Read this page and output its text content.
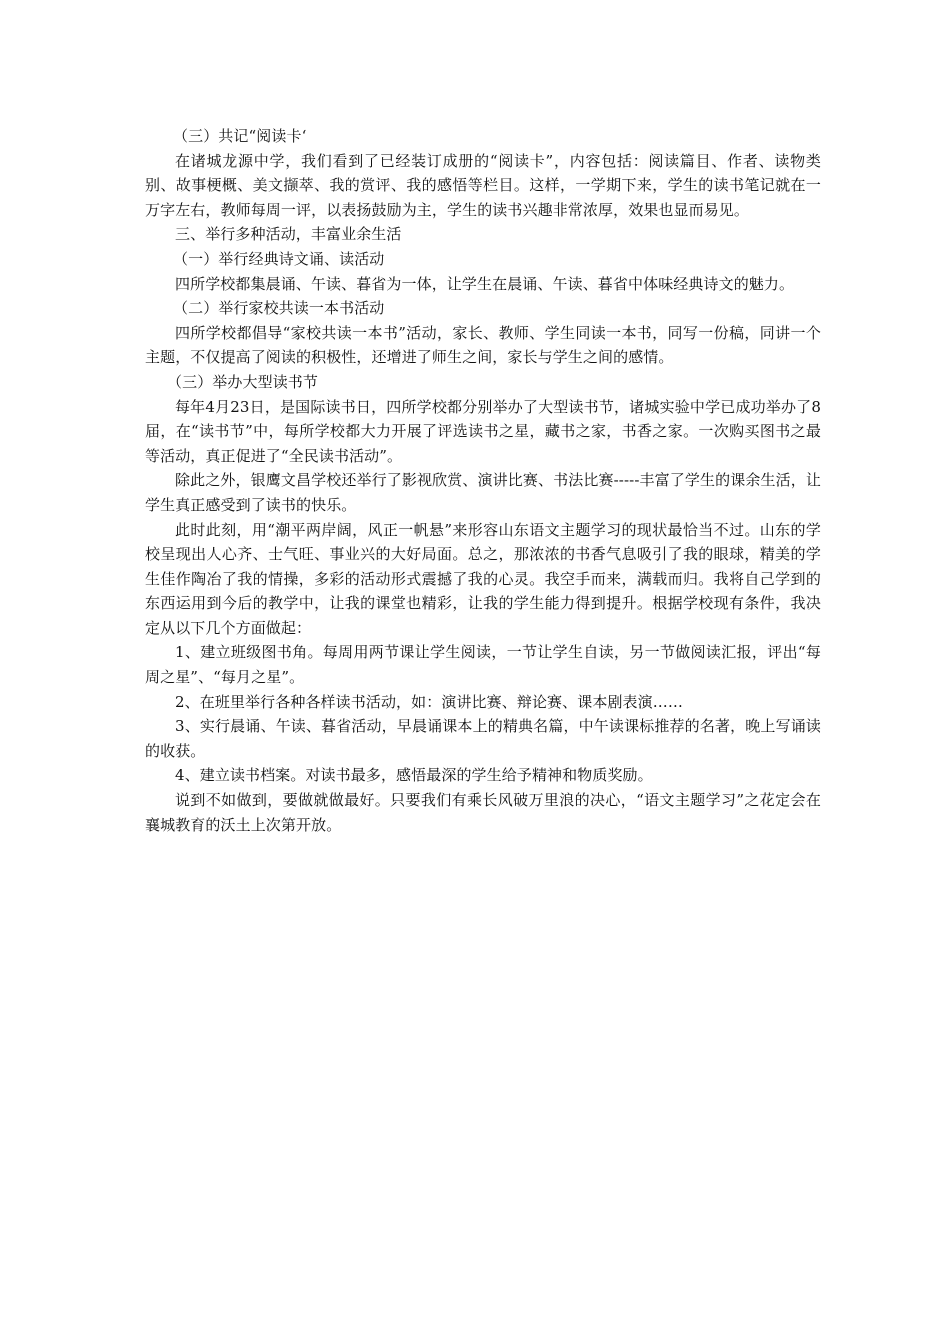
（三）共记“阅读卡‘

在诸城龙源中学，我们看到了已经装订成册的“阅读卡”，内容包括：阅读篇目、作者、读物类别、故事梗概、美文撷萃、我的赏评、我的感悟等栏目。这样，一学期下来，学生的读书笔记就在一万字左右，教师每周一评，以表扬鼓励为主，学生的读书兴趣非常浓厚，效果也显而易见。

三、举行多种活动，丰富业余生活

（一）举行经典诗文诵、读活动

四所学校都集晨诵、午读、暮省为一体，让学生在晨诵、午读、暮省中体味经典诗文的魅力。

（二）举行家校共读一本书活动

四所学校都倡导“家校共读一本书”活动，家长、教师、学生同读一本书，同写一份稿，同讲一个主题，不仅提高了阅读的积极性，还增进了师生之间，家长与学生之间的感情。

（三）举办大型读书节

每年4月23日，是国际读书日，四所学校都分别举办了大型读书节，诸城实验中学已成功举办了8届，在“读书节”中，每所学校都大力开展了评选读书之星，藏书之家，书香之家。一次购买图书之最等活动，真正促进了“全民读书活动”。

除此之外，银鹰文昌学校还举行了影视欣赏、演讲比赛、书法比赛-----丰富了学生的课余生活，让学生真正感受到了读书的快乐。

此时此刻，用“潮平两岸阔，风正一帆悬”来形容山东语文主题学习的现状最恰当不过。山东的学校呈现出人心齐、士气旺、事业兴的大好局面。总之，那浓浓的书香气息吸引了我的眼球，精美的学生佳作陶冶了我的情操，多彩的活动形式震撼了我的心灵。我空手而来，满载而归。我将自己学到的东西运用到今后的教学中，让我的课堂也精彩，让我的学生能力得到提升。根据学校现有条件，我决定从以下几个方面做起：

1、建立班级图书角。每周用两节课让学生阅读，一节让学生自读，另一节做阅读汇报，评出“每周之星”、“每月之星”。

2、在班里举行各种各样读书活动，如：演讲比赛、辩论赛、课本剧表演……

3、实行晨诵、午读、暮省活动，早晨诵课本上的精典名篇，中午读课标推荐的名著，晚上写诵读的收获。

4、建立读书档案。对读书最多，感悟最深的学生给予精神和物质奖励。

说到不如做到，要做就做最好。只要我们有乘长风破万里浪的决心，“语文主题学习”之花定会在襄城教育的沃土上次第开放。
